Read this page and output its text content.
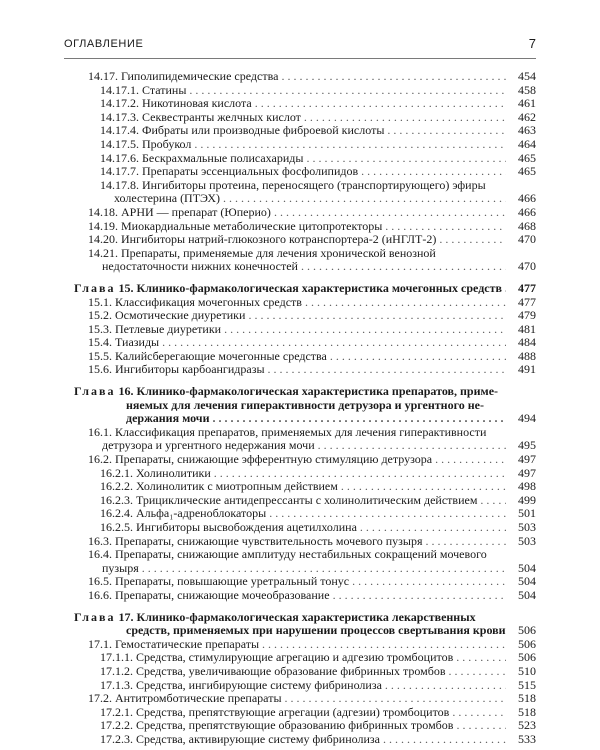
ОГЛАВЛЕНИЕ	7
14.17. Гиполипидемические средства . . .	454
14.17.1. Статины . . .	458
14.17.2. Никотиновая кислота . . .	461
14.17.3. Секвестранты желчных кислот . . .	462
14.17.4. Фибраты или производные фиброевой кислоты . . .	463
14.17.5. Пробукол . . .	464
14.17.6. Бескрахмальные полисахариды . . .	465
14.17.7. Препараты эссенциальных фосфолипидов . . .	465
14.17.8. Ингибиторы протеина, переносящего (транспортирующего) эфиры
холестерина (ПТЭХ) . . .	466
14.18. АРНИ — препарат (Юперио) . . .	466
14.19. Миокардиальные метаболические цитопротекторы . . .	468
14.20. Ингибиторы натрий-глюкозного котранспортера-2 (иНГЛТ-2) . . .	470
14.21. Препараты, применяемые для лечения хронической венозной
недостаточности нижних конечностей . . .	470
Глава 15. Клинико-фармакологическая характеристика мочегонных средств . . .	477
15.1. Классификация мочегонных средств . . .	477
15.2. Осмотические диуретики . . .	479
15.3. Петлевые диуретики . . .	481
15.4. Тиазиды . . .	484
15.5. Калийсберегающие мочегонные средства . . .	488
15.6. Ингибиторы карбоангидразы . . .	491
Глава 16. Клинико-фармакологическая характеристика препаратов, приме-
няемых для лечения гиперактивности детрузора и ургентного не-
держания мочи . . .	494
16.1. Классификация препаратов, применяемых для лечения гиперактивности
детрузора и ургентного недержания мочи . . .	495
16.2. Препараты, снижающие эфферентную стимуляцию детрузора . . .	497
16.2.1. Холинолитики . . .	497
16.2.2. Холинолитик с миотропным действием . . .	498
16.2.3. Трициклические антидепрессанты с холинолитическим действием . . .	499
16.2.4. Альфа₁-адреноблокаторы . . .	501
16.2.5. Ингибиторы высвобождения ацетилхолина . . .	503
16.3. Препараты, снижающие чувствительность мочевого пузыря . . .	503
16.4. Препараты, снижающие амплитуду нестабильных сокращений мочевого
пузыря . . .	504
16.5. Препараты, повышающие уретральный тонус . . .	504
16.6. Препараты, снижающие мочеобразование . . .	504
Глава 17. Клинико-фармакологическая характеристика лекарственных
средств, применяемых при нарушении процессов свертывания крови . . .	506
17.1. Гемостатические препараты . . .	506
17.1.1. Средства, стимулирующие агрегацию и адгезию тромбоцитов . . .	506
17.1.2. Средства, увеличивающие образование фибринных тромбов . . .	510
17.1.3. Средства, ингибирующие систему фибринолиза . . .	515
17.2. Антитромботические препараты . . .	518
17.2.1. Средства, препятствующие агрегации (адгезии) тромбоцитов . . .	518
17.2.2. Средства, препятствующие образованию фибринных тромбов . . .	523
17.2.3. Средства, активирующие систему фибринолиза . . .	533
